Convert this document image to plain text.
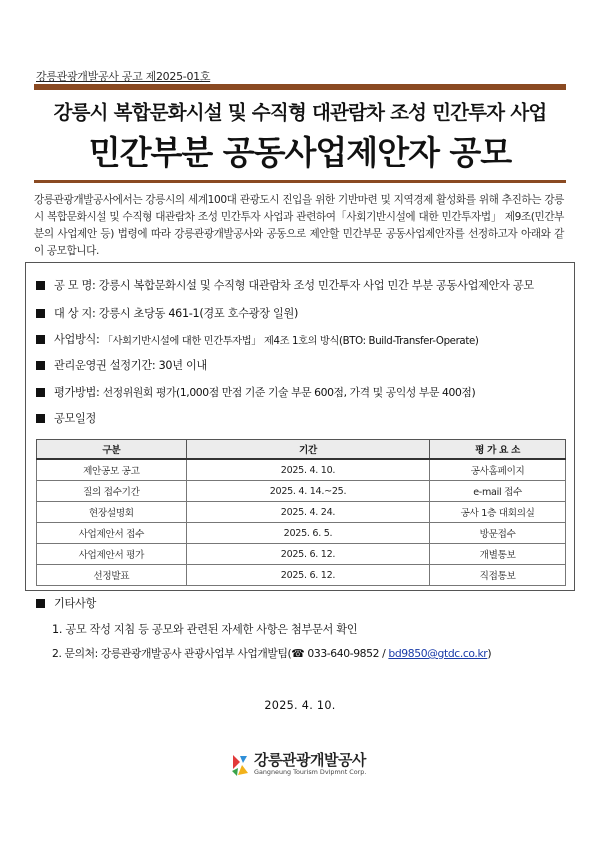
강릉관광개발공사 공고 제2025-01호
강릉시 복합문화시설 및 수직형 대관람차 조성 민간투자 사업
민간부분 공동사업제안자 공모
강릉관광개발공사에서는 강릉시의 세계100대 관광도시 진입을 위한 기반마련 및 지역경제 활성화를 위해 추진하는 강릉시 복합문화시설 및 수직형 대관람차 조성 민간투자 사업과 관련하여「사회기반시설에 대한 민간투자법」 제9조(민간부분의 사업제안 등) 법령에 따라 강릉관광개발공사와 공동으로 제안할 민간부문 공동사업제안자를 선정하고자 아래와 같이 공모합니다.
공 모 명:
강릉시 복합문화시설 및 수직형 대관람차 조성 민간투자 사업 민간 부분 공동사업제안자 공모
대 상 지:
강릉시 초당동 461-1(경포 호수광장 일원)
사업방식:
「사회기반시설에 대한 민간투자법」 제4조 1호의 방식(BTO: Build-Transfer-Operate)
관리운영권 설정기간:
30년 이내
평가방법:
선정위원회 평가(1,000점 만점 기준 기술 부문 600점, 가격 및 공익성 부문 400점)
공모일정
구분	기간	평 가 요 소
제안공모 공고	2025. 4. 10.	공사홈페이지
질의 접수기간	2025. 4. 14.~25.	e-mail 접수
현장설명회	2025. 4. 24.	공사 1층 대회의실
사업제안서 접수	2025. 6. 5.	방문접수
사업제안서 평가	2025. 6. 12.	개별통보
선정발표	2025. 6. 12.	직접통보
기타사항
1. 공모 작성 지침 등 공모와 관련된 자세한 사항은 첨부문서 확인
2. 문의처: 강릉관광개발공사 관광사업부 사업개발팀(☎ 033-640-9852 / bd9850@gtdc.co.kr)
2025. 4. 10.
강릉관광개발공사
Gangneung Tourism Dvlpmnt Corp.
